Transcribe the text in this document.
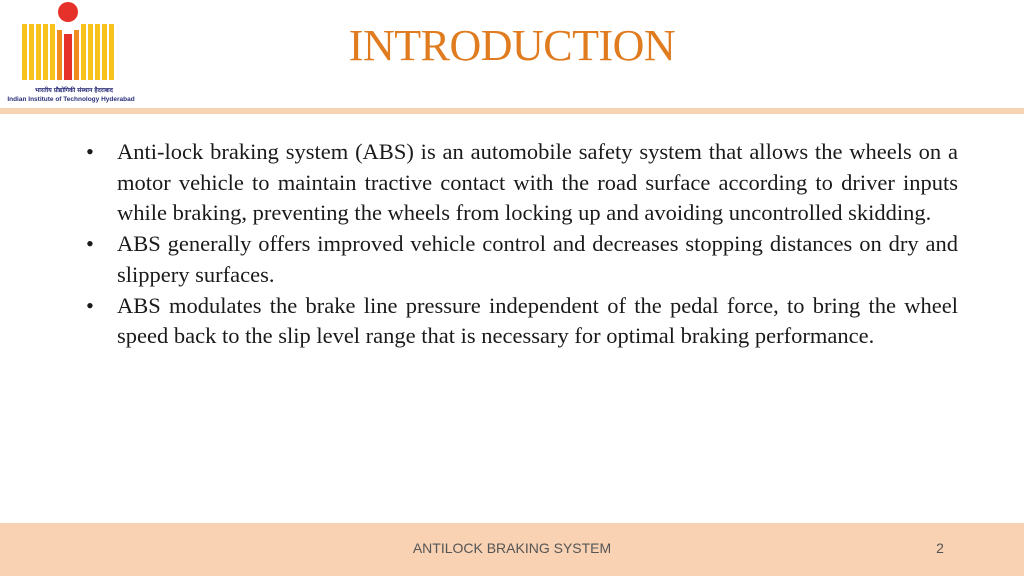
भारतीय प्रौद्योगिकी संस्थान हैदराबाद
Indian Institute of Technology Hyderabad
INTRODUCTION
• Anti-lock braking system (ABS) is an automobile safety system that allows the wheels on a motor vehicle to maintain tractive contact with the road surface according to driver inputs while braking, preventing the wheels from locking up and avoiding uncontrolled skidding.
• ABS generally offers improved vehicle control and decreases stopping distances on dry and slippery surfaces.
• ABS modulates the brake line pressure independent of the pedal force, to bring the wheel speed back to the slip level range that is necessary for optimal braking performance.
ANTILOCK BRAKING SYSTEM	2
